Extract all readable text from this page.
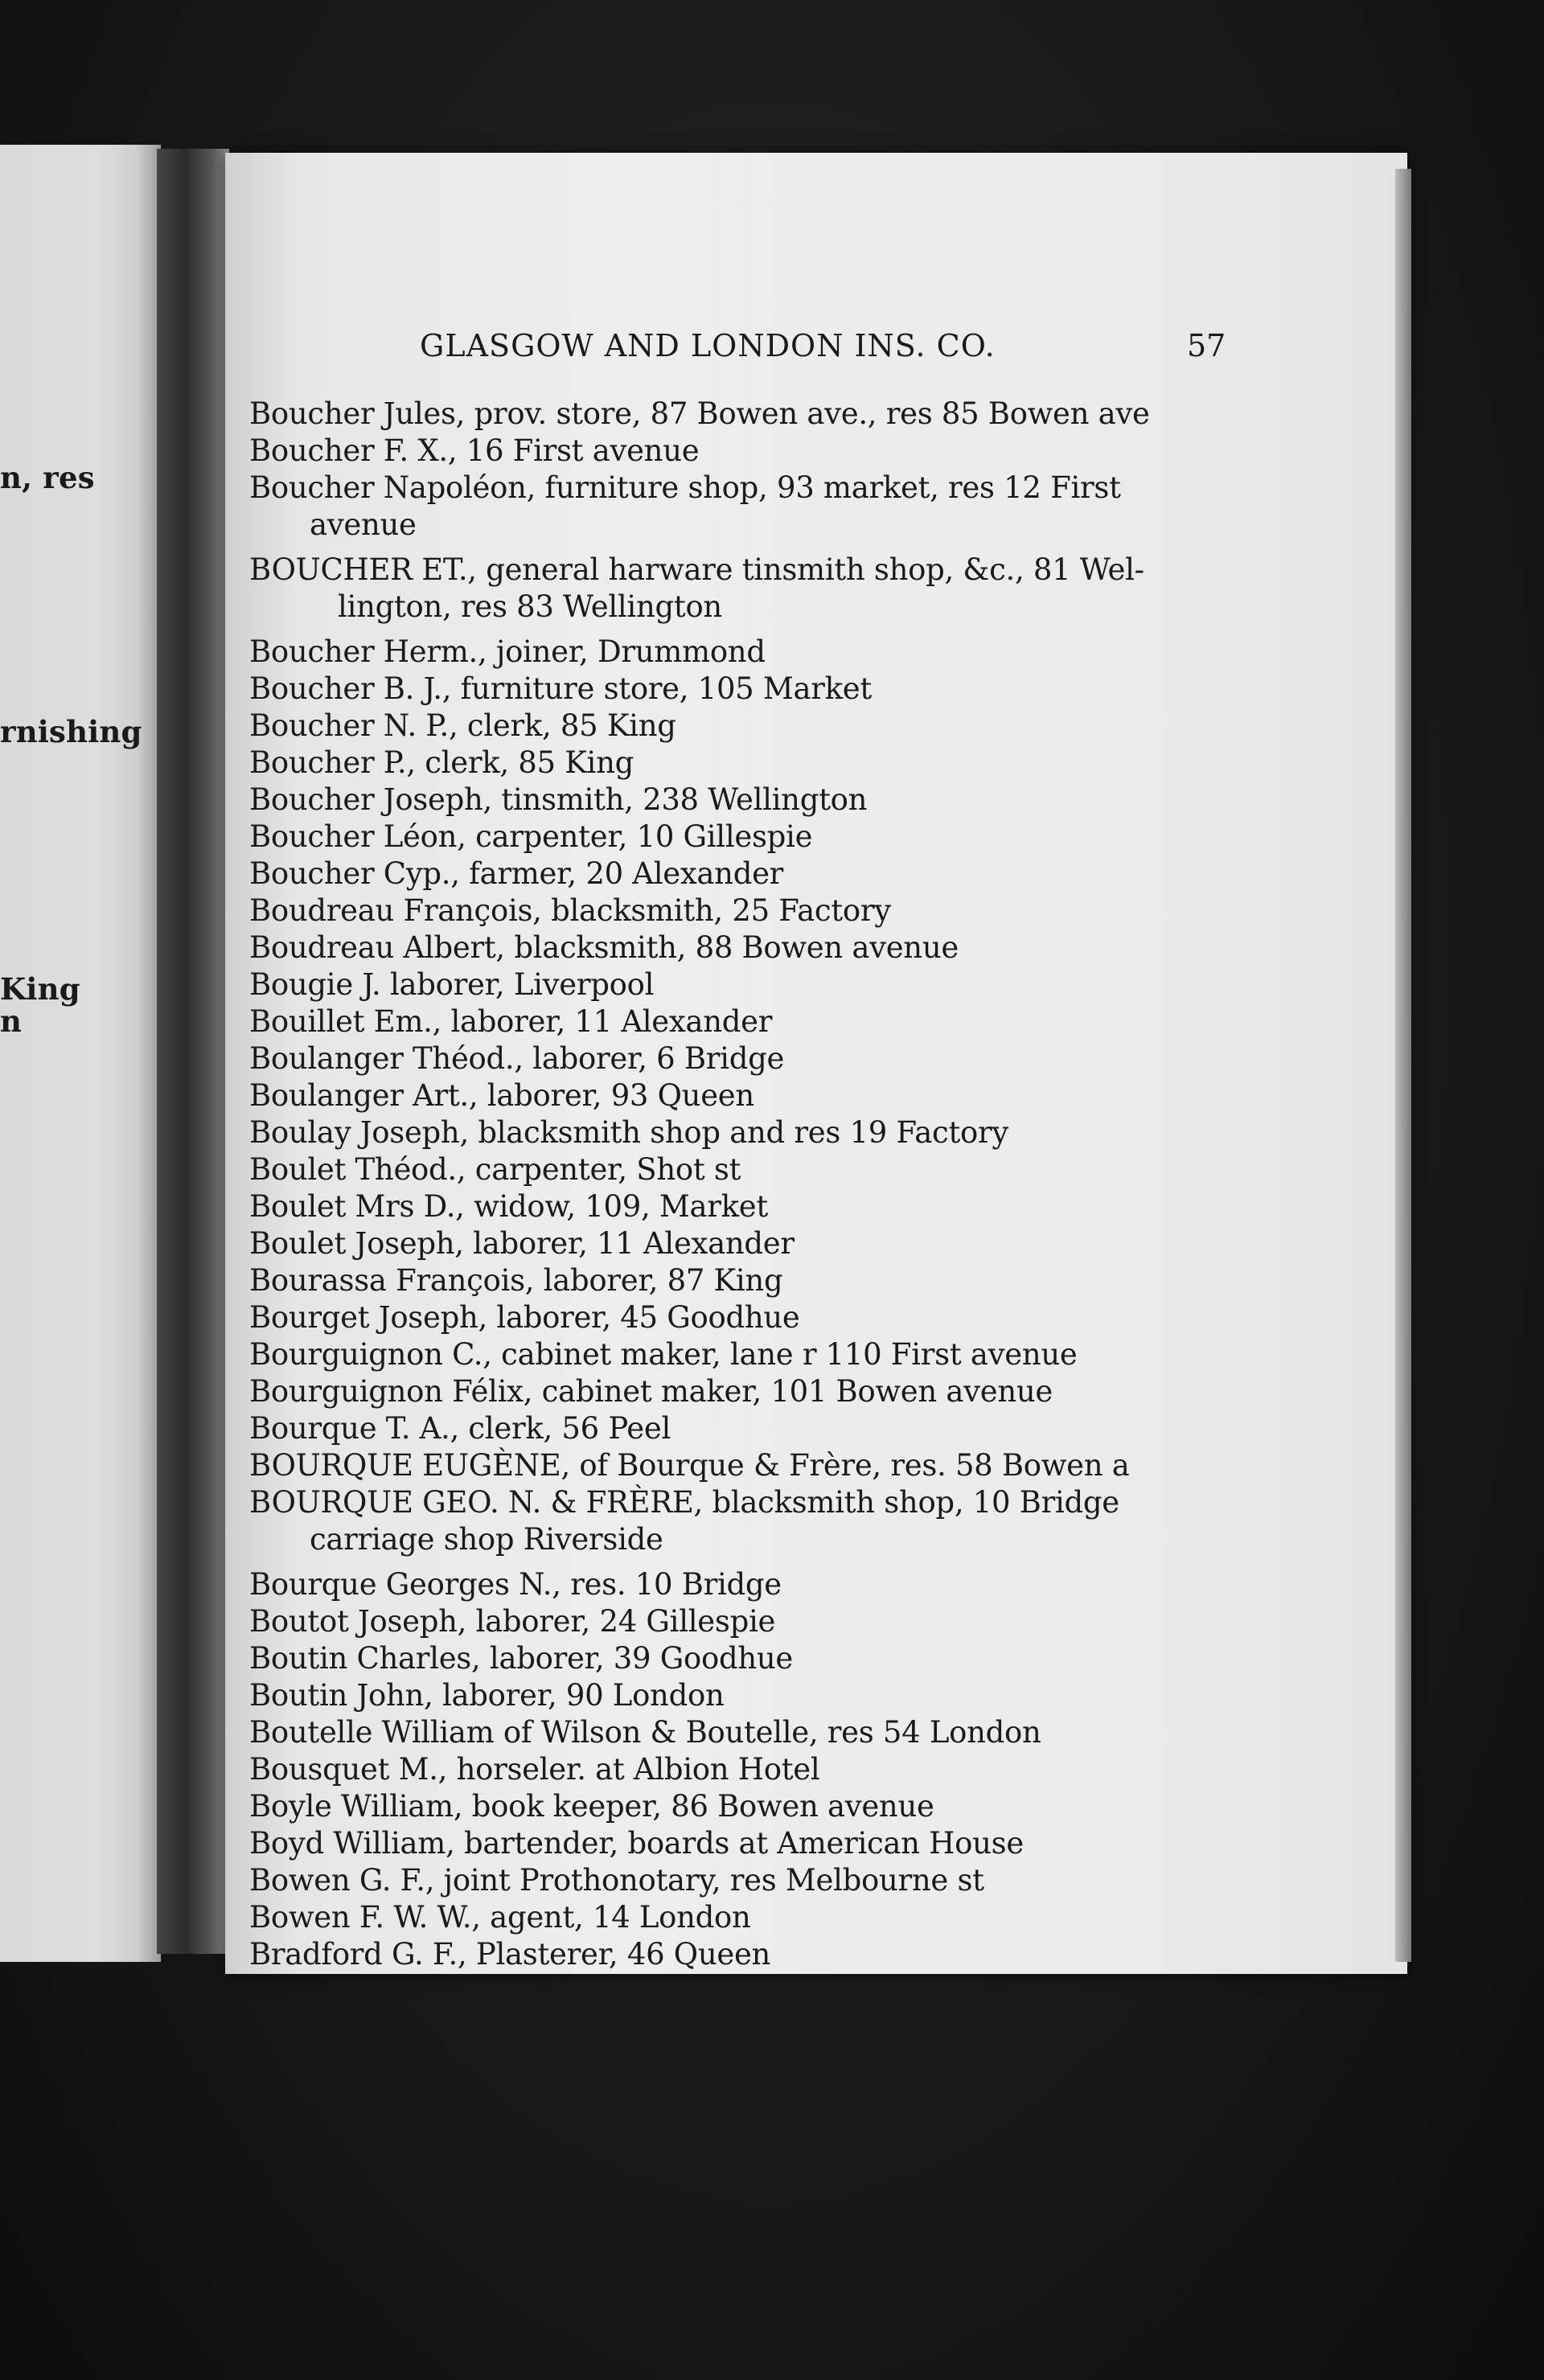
n, res
rnishing
King
n
GLASGOW AND LONDON INS. CO.	57
Boucher Jules, prov. store, 87 Bowen ave., res 85 Bowen ave
Boucher F. X., 16 First avenue
Boucher Napoléon, furniture shop, 93 market, res 12 First
avenue
BOUCHER ET., general harware tinsmith shop, &c., 81 Wel-
lington, res 83 Wellington
Boucher Herm., joiner, Drummond
Boucher B. J., furniture store, 105 Market
Boucher N. P., clerk, 85 King
Boucher P., clerk, 85 King
Boucher Joseph, tinsmith, 238 Wellington
Boucher Léon, carpenter, 10 Gillespie
Boucher Cyp., farmer, 20 Alexander
Boudreau François, blacksmith, 25 Factory
Boudreau Albert, blacksmith, 88 Bowen avenue
Bougie J. laborer, Liverpool
Bouillet Em., laborer, 11 Alexander
Boulanger Théod., laborer, 6 Bridge
Boulanger Art., laborer, 93 Queen
Boulay Joseph, blacksmith shop and res 19 Factory
Boulet Théod., carpenter, Shot st
Boulet Mrs D., widow, 109, Market
Boulet Joseph, laborer, 11 Alexander
Bourassa François, laborer, 87 King
Bourget Joseph, laborer, 45 Goodhue
Bourguignon C., cabinet maker, lane r 110 First avenue
Bourguignon Félix, cabinet maker, 101 Bowen avenue
Bourque T. A., clerk, 56 Peel
BOURQUE EUGÈNE, of Bourque & Frère, res. 58 Bowen a
BOURQUE GEO. N. & FRÈRE, blacksmith shop, 10 Bridge
carriage shop Riverside
Bourque Georges N., res. 10 Bridge
Boutot Joseph, laborer, 24 Gillespie
Boutin Charles, laborer, 39 Goodhue
Boutin John, laborer, 90 London
Boutelle William of Wilson & Boutelle, res 54 London
Bousquet M., horseler. at Albion Hotel
Boyle William, book keeper, 86 Bowen avenue
Boyd William, bartender, boards at American House
Bowen G. F., joint Prothonotary, res Melbourne st
Bowen F. W. W., agent, 14 London
Bradford G. F., Plasterer, 46 Queen
